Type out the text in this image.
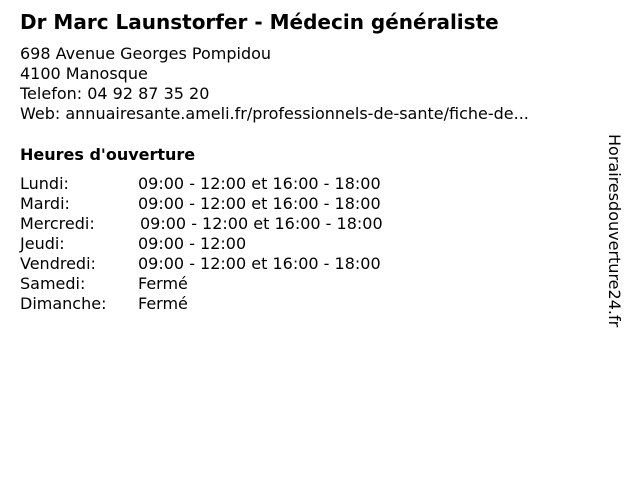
Dr Marc Launstorfer - Médecin généraliste
698 Avenue Georges Pompidou
4100 Manosque
Telefon: 04 92 87 35 20
Web: annuairesante.ameli.fr/professionnels-de-sante/fiche-de...
Heures d'ouverture
Lundi:	09:00 - 12:00 et 16:00 - 18:00
Mardi:	09:00 - 12:00 et 16:00 - 18:00
Mercredi:	09:00 - 12:00 et 16:00 - 18:00
Jeudi:	09:00 - 12:00
Vendredi:	09:00 - 12:00 et 16:00 - 18:00
Samedi:	Fermé
Dimanche: Fermé	Horairesdouverture24.fr
